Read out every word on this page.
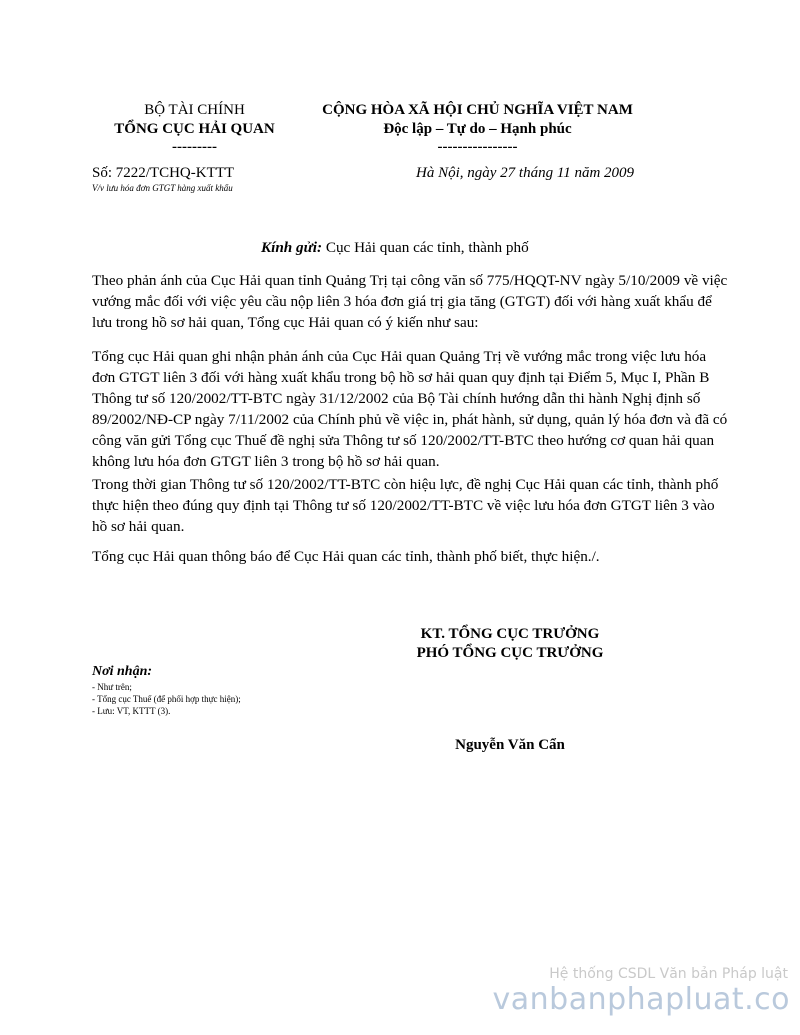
BỘ TÀI CHÍNH
TỔNG CỤC HẢI QUAN
---------
CỘNG HÒA XÃ HỘI CHỦ NGHĨA VIỆT NAM
Độc lập – Tự do – Hạnh phúc
----------------
Số: 7222/TCHQ-KTTT
V/v lưu hóa đơn GTGT hàng xuất khẩu
Hà Nội, ngày 27 tháng 11 năm 2009
Kính gửi: Cục Hải quan các tỉnh, thành phố
Theo phản ánh của Cục Hải quan tỉnh Quảng Trị tại công văn số 775/HQQT-NV ngày 5/10/2009 về việc vướng mắc đối với việc yêu cầu nộp liên 3 hóa đơn giá trị gia tăng (GTGT) đối với hàng xuất khẩu để lưu trong hồ sơ hải quan, Tổng cục Hải quan có ý kiến như sau:
Tổng cục Hải quan ghi nhận phản ánh của Cục Hải quan Quảng Trị về vướng mắc trong việc lưu hóa đơn GTGT liên 3 đối với hàng xuất khẩu trong bộ hồ sơ hải quan quy định tại Điểm 5, Mục I, Phần B Thông tư số 120/2002/TT-BTC ngày 31/12/2002 của Bộ Tài chính hướng dẫn thi hành Nghị định số 89/2002/NĐ-CP ngày 7/11/2002 của Chính phủ về việc in, phát hành, sử dụng, quản lý hóa đơn và đã có công văn gửi Tổng cục Thuế đề nghị sửa Thông tư số 120/2002/TT-BTC theo hướng cơ quan hải quan không lưu hóa đơn GTGT liên 3 trong bộ hồ sơ hải quan.
Trong thời gian Thông tư số 120/2002/TT-BTC còn hiệu lực, đề nghị Cục Hải quan các tỉnh, thành phố thực hiện theo đúng quy định tại Thông tư số 120/2002/TT-BTC về việc lưu hóa đơn GTGT liên 3 vào hồ sơ hải quan.
Tổng cục Hải quan thông báo để Cục Hải quan các tỉnh, thành phố biết, thực hiện./.
KT. TỔNG CỤC TRƯỞNG
PHÓ TỔNG CỤC TRƯỞNG
Nguyễn Văn Cẩn
Nơi nhận:
- Như trên;
- Tổng cục Thuế (để phối hợp thực hiện);
- Lưu: VT, KTTT (3).
Hệ thống CSDL Văn bản Pháp luật
vanbanphapluat.co
